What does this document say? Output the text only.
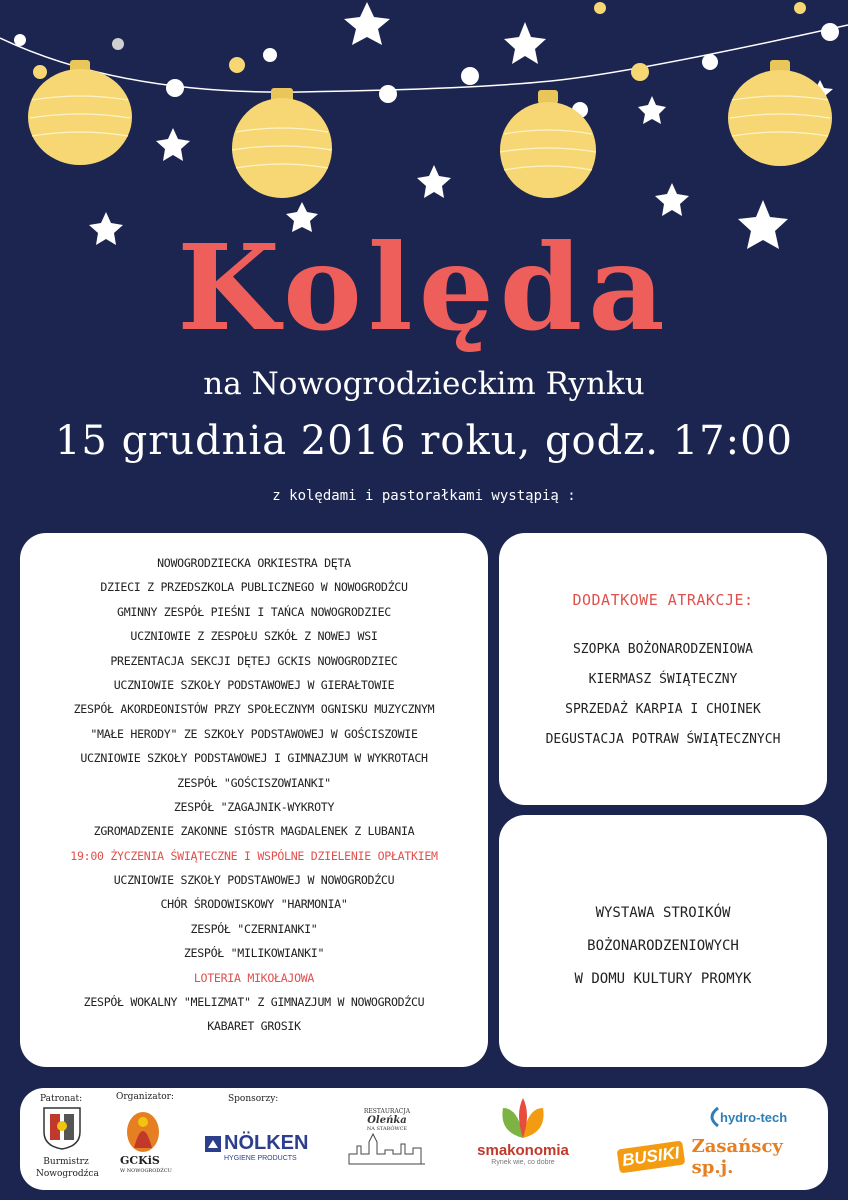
Kolęda
na Nowogrodzieckim Rynku
15 grudnia 2016 roku, godz. 17:00
z kolędami i pastorałkami wystąpią :
NOWOGRODZIECKA ORKIESTRA DĘTA
DZIECI Z PRZEDSZKOLA PUBLICZNEGO W NOWOGRODŹCU
GMINNY ZESPÓŁ PIEŚNI I TAŃCA NOWOGRODZIEC
UCZNIOWIE Z ZESPOŁU SZKÓŁ Z NOWEJ WSI
PREZENTACJA SEKCJI DĘTEJ GCKIS NOWOGRODZIEC
UCZNIOWIE SZKOŁY PODSTAWOWEJ W GIERAŁTOWIE
ZESPÓŁ AKORDEONISTÓW PRZY SPOŁECZNYM OGNISKU MUZYCZNYM
"MAŁE HERODY" ZE SZKOŁY PODSTAWOWEJ W GOŚCISZOWIE
UCZNIOWIE SZKOŁY PODSTAWOWEJ I GIMNAZJUM W WYKROTACH
ZESPÓŁ "GOŚCISZOWIANKI"
ZESPÓŁ "ZAGAJNIK-WYKROTY
ZGROMADZENIE ZAKONNE SIÓSTR MAGDALENEK Z LUBANIA
19:00 ŻYCZENIA ŚWIĄTECZNE I WSPÓLNE DZIELENIE OPŁATKIEM
UCZNIOWIE SZKOŁY PODSTAWOWEJ W NOWOGRODŹCU
CHÓR ŚRODOWISKOWY "HARMONIA"
ZESPÓŁ "CZERNIANKI"
ZESPÓŁ "MILIKOWIANKI"
LOTERIA MIKOŁAJOWA
ZESPÓŁ WOKALNY "MELIZMAT" Z GIMNAZJUM W NOWOGRODŹCU
KABARET GROSIK
DODATKOWE ATRAKCJE:
SZOPKA BOŻONARODZENIOWA
KIERMASZ ŚWIĄTECZNY
SPRZEDAŻ KARPIA I CHOINEK
DEGUSTACJA POTRAW ŚWIĄTECZNYCH
WYSTAWA STROIKÓW
BOŻONARODZENIOWYCH
W DOMU KULTURY PROMYK
Patronat:
Burmistrz Nowogrodźca
Organizator:
GCKiS
W NOWOGRODŹCU
Sponsorzy:
NÖLKEN
HYGIENE PRODUCTS
RESTAURACJA
Oleńka
NA STARÓWCE
smakonomia
Rynek wie, co dobre
hydro-tech
BUSIKI Zasańscy sp.j.
